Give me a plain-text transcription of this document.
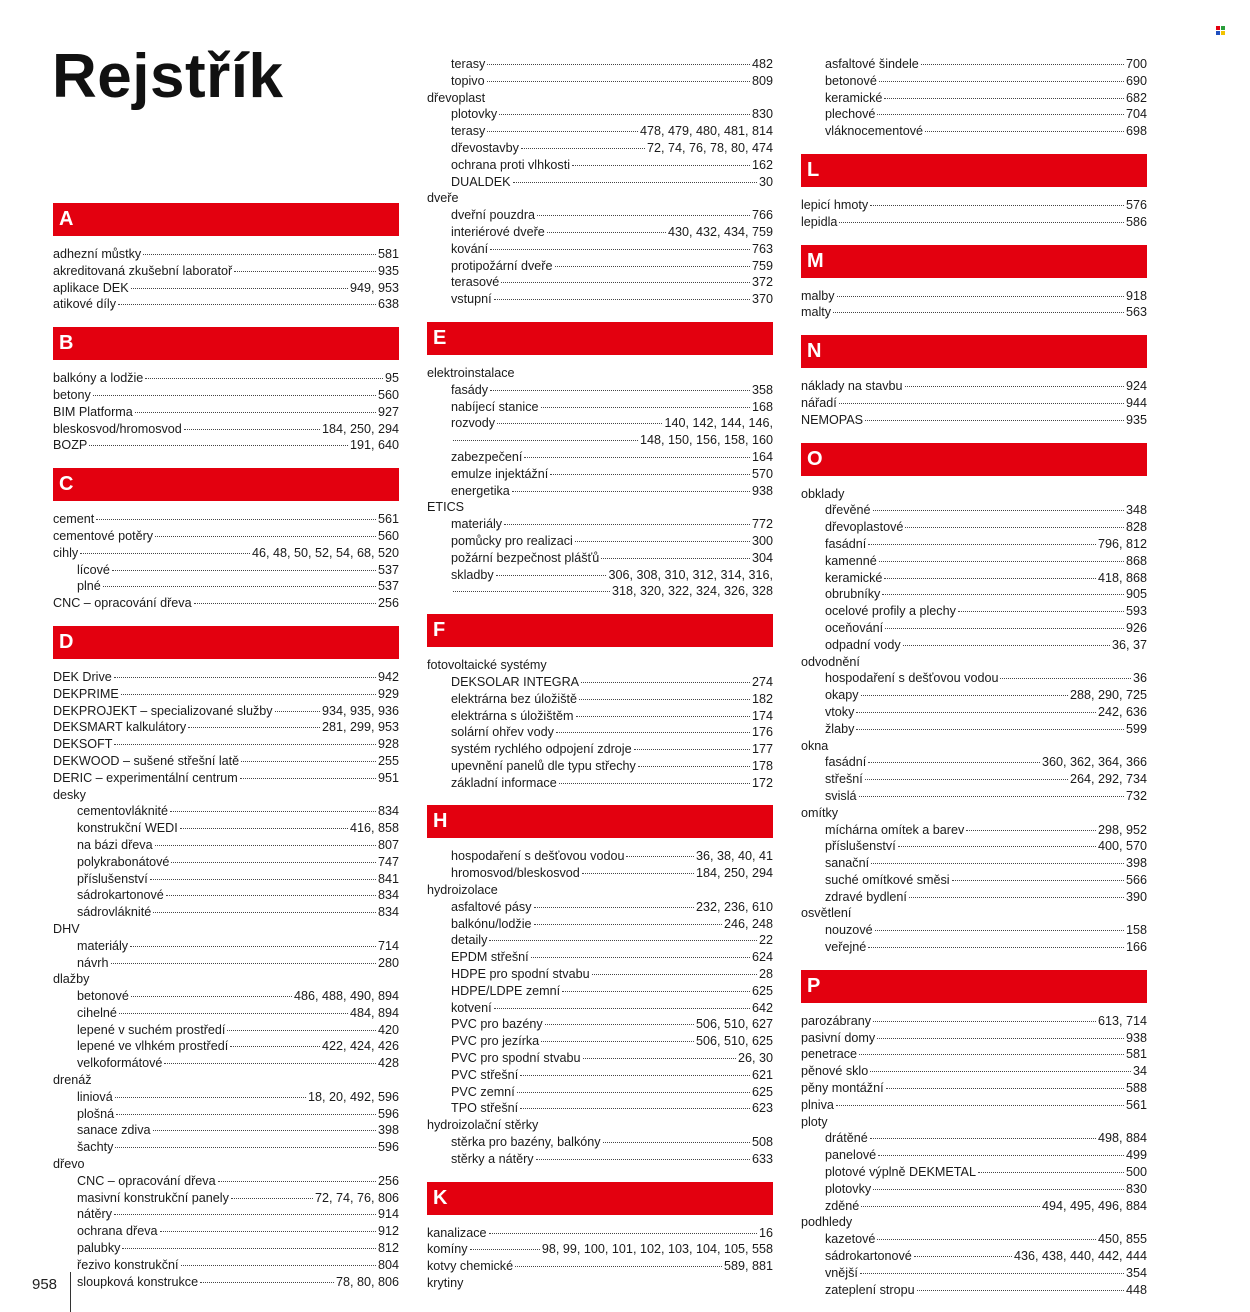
Rejstřík
A
adhezní můstky	581
akreditovaná zkušební laboratoř	935
aplikace DEK	949, 953
atikové díly	638
B
balkóny a lodžie	95
betony	560
BIM Platforma	927
bleskosvod/hromosvod	184, 250, 294
BOZP	191, 640
C
cement	561
cementové potěry	560
cihly	46, 48, 50, 52, 54, 68, 520
lícové	537
plné	537
CNC – opracování dřeva	256
D
DEK Drive	942
DEKPRIME	929
DEKPROJEKT – specializované služby	934, 935, 936
DEKSMART kalkulátory	281, 299, 953
DEKSOFT	928
DEKWOOD – sušené střešní latě	255
DERIC – experimentální centrum	951
desky
cementovláknité	834
konstrukční WEDI	416, 858
na bázi dřeva	807
polykrabonátové	747
příslušenství	841
sádrokartonové	834
sádrovláknité	834
DHV
materiály	714
návrh	280
dlažby
betonové	486, 488, 490, 894
cihelné	484, 894
lepené v suchém prostředí	420
lepené ve vlhkém prostředí	422, 424, 426
velkoformátové	428
drenáž
liniová	18, 20, 492, 596
plošná	596
sanace zdiva	398
šachty	596
dřevo
CNC – opracování dřeva	256
masivní konstrukční panely	72, 74, 76, 806
nátěry	914
ochrana dřeva	912
palubky	812
řezivo konstrukční	804
sloupková konstrukce	78, 80, 806
terasy	482
topivo	809
dřevoplast
plotovky	830
terasy	478, 479, 480, 481, 814
dřevostavby	72, 74, 76, 78, 80, 474
ochrana proti vlhkosti	162
DUALDEK	30
dveře
dveřní pouzdra	766
interiérové dveře	430, 432, 434, 759
kování	763
protipožární dveře	759
terasové	372
vstupní	370
E
elektroinstalace
fasády	358
nabíjecí stanice	168
rozvody	140, 142, 144, 146,
148, 150, 156, 158, 160
zabezpečení	164
emulze injektážní	570
energetika	938
ETICS
materiály	772
pomůcky pro realizaci	300
požární bezpečnost plášťů	304
skladby	306, 308, 310, 312, 314, 316,
318, 320, 322, 324, 326, 328
F
fotovoltaické systémy
DEKSOLAR INTEGRA	274
elektrárna bez úložiště	182
elektrárna s úložištěm	174
solární ohřev vody	176
systém rychlého odpojení zdroje	177
upevnění panelů dle typu střechy	178
základní informace	172
H
hospodaření s dešťovou vodou	36, 38, 40, 41
hromosvod/bleskosvod	184, 250, 294
hydroizolace
asfaltové pásy	232, 236, 610
balkónu/lodžie	246, 248
detaily	22
EPDM střešní	624
HDPE pro spodní stvabu	28
HDPE/LDPE zemní	625
kotvení	642
PVC pro bazény	506, 510, 627
PVC pro jezírka	506, 510, 625
PVC pro spodní stvabu	26, 30
PVC střešní	621
PVC zemní	625
TPO střešní	623
hydroizolační stěrky
stěrka pro bazény, balkóny	508
stěrky a nátěry	633
K
kanalizace	16
komíny	98, 99, 100, 101, 102, 103, 104, 105, 558
kotvy chemické	589, 881
krytiny
asfaltové šindele	700
betonové	690
keramické	682
plechové	704
vláknocementové	698
L
lepicí hmoty	576
lepidla	586
M
malby	918
malty	563
N
náklady na stavbu	924
nářadí	944
NEMOPAS	935
O
obklady
dřevěné	348
dřevoplastové	828
fasádní	796, 812
kamenné	868
keramické	418, 868
obrubníky	905
ocelové profily a plechy	593
oceňování	926
odpadní vody	36, 37
odvodnění
hospodaření s dešťovou vodou	36
okapy	288, 290, 725
vtoky	242, 636
žlaby	599
okna
fasádní	360, 362, 364, 366
střešní	264, 292, 734
svislá	732
omítky
míchárna omítek a barev	298, 952
příslušenství	400, 570
sanační	398
suché omítkové směsi	566
zdravé bydlení	390
osvětlení
nouzové	158
veřejné	166
P
parozábrany	613, 714
pasivní domy	938
penetrace	581
pěnové sklo	34
pěny montážní	588
plniva	561
ploty
drátěné	498, 884
panelové	499
plotové výplně DEKMETAL	500
plotovky	830
zděné	494, 495, 496, 884
podhledy
kazetové	450, 855
sádrokartonové	436, 438, 440, 442, 444
vnější	354
zateplení stropu	448
958
